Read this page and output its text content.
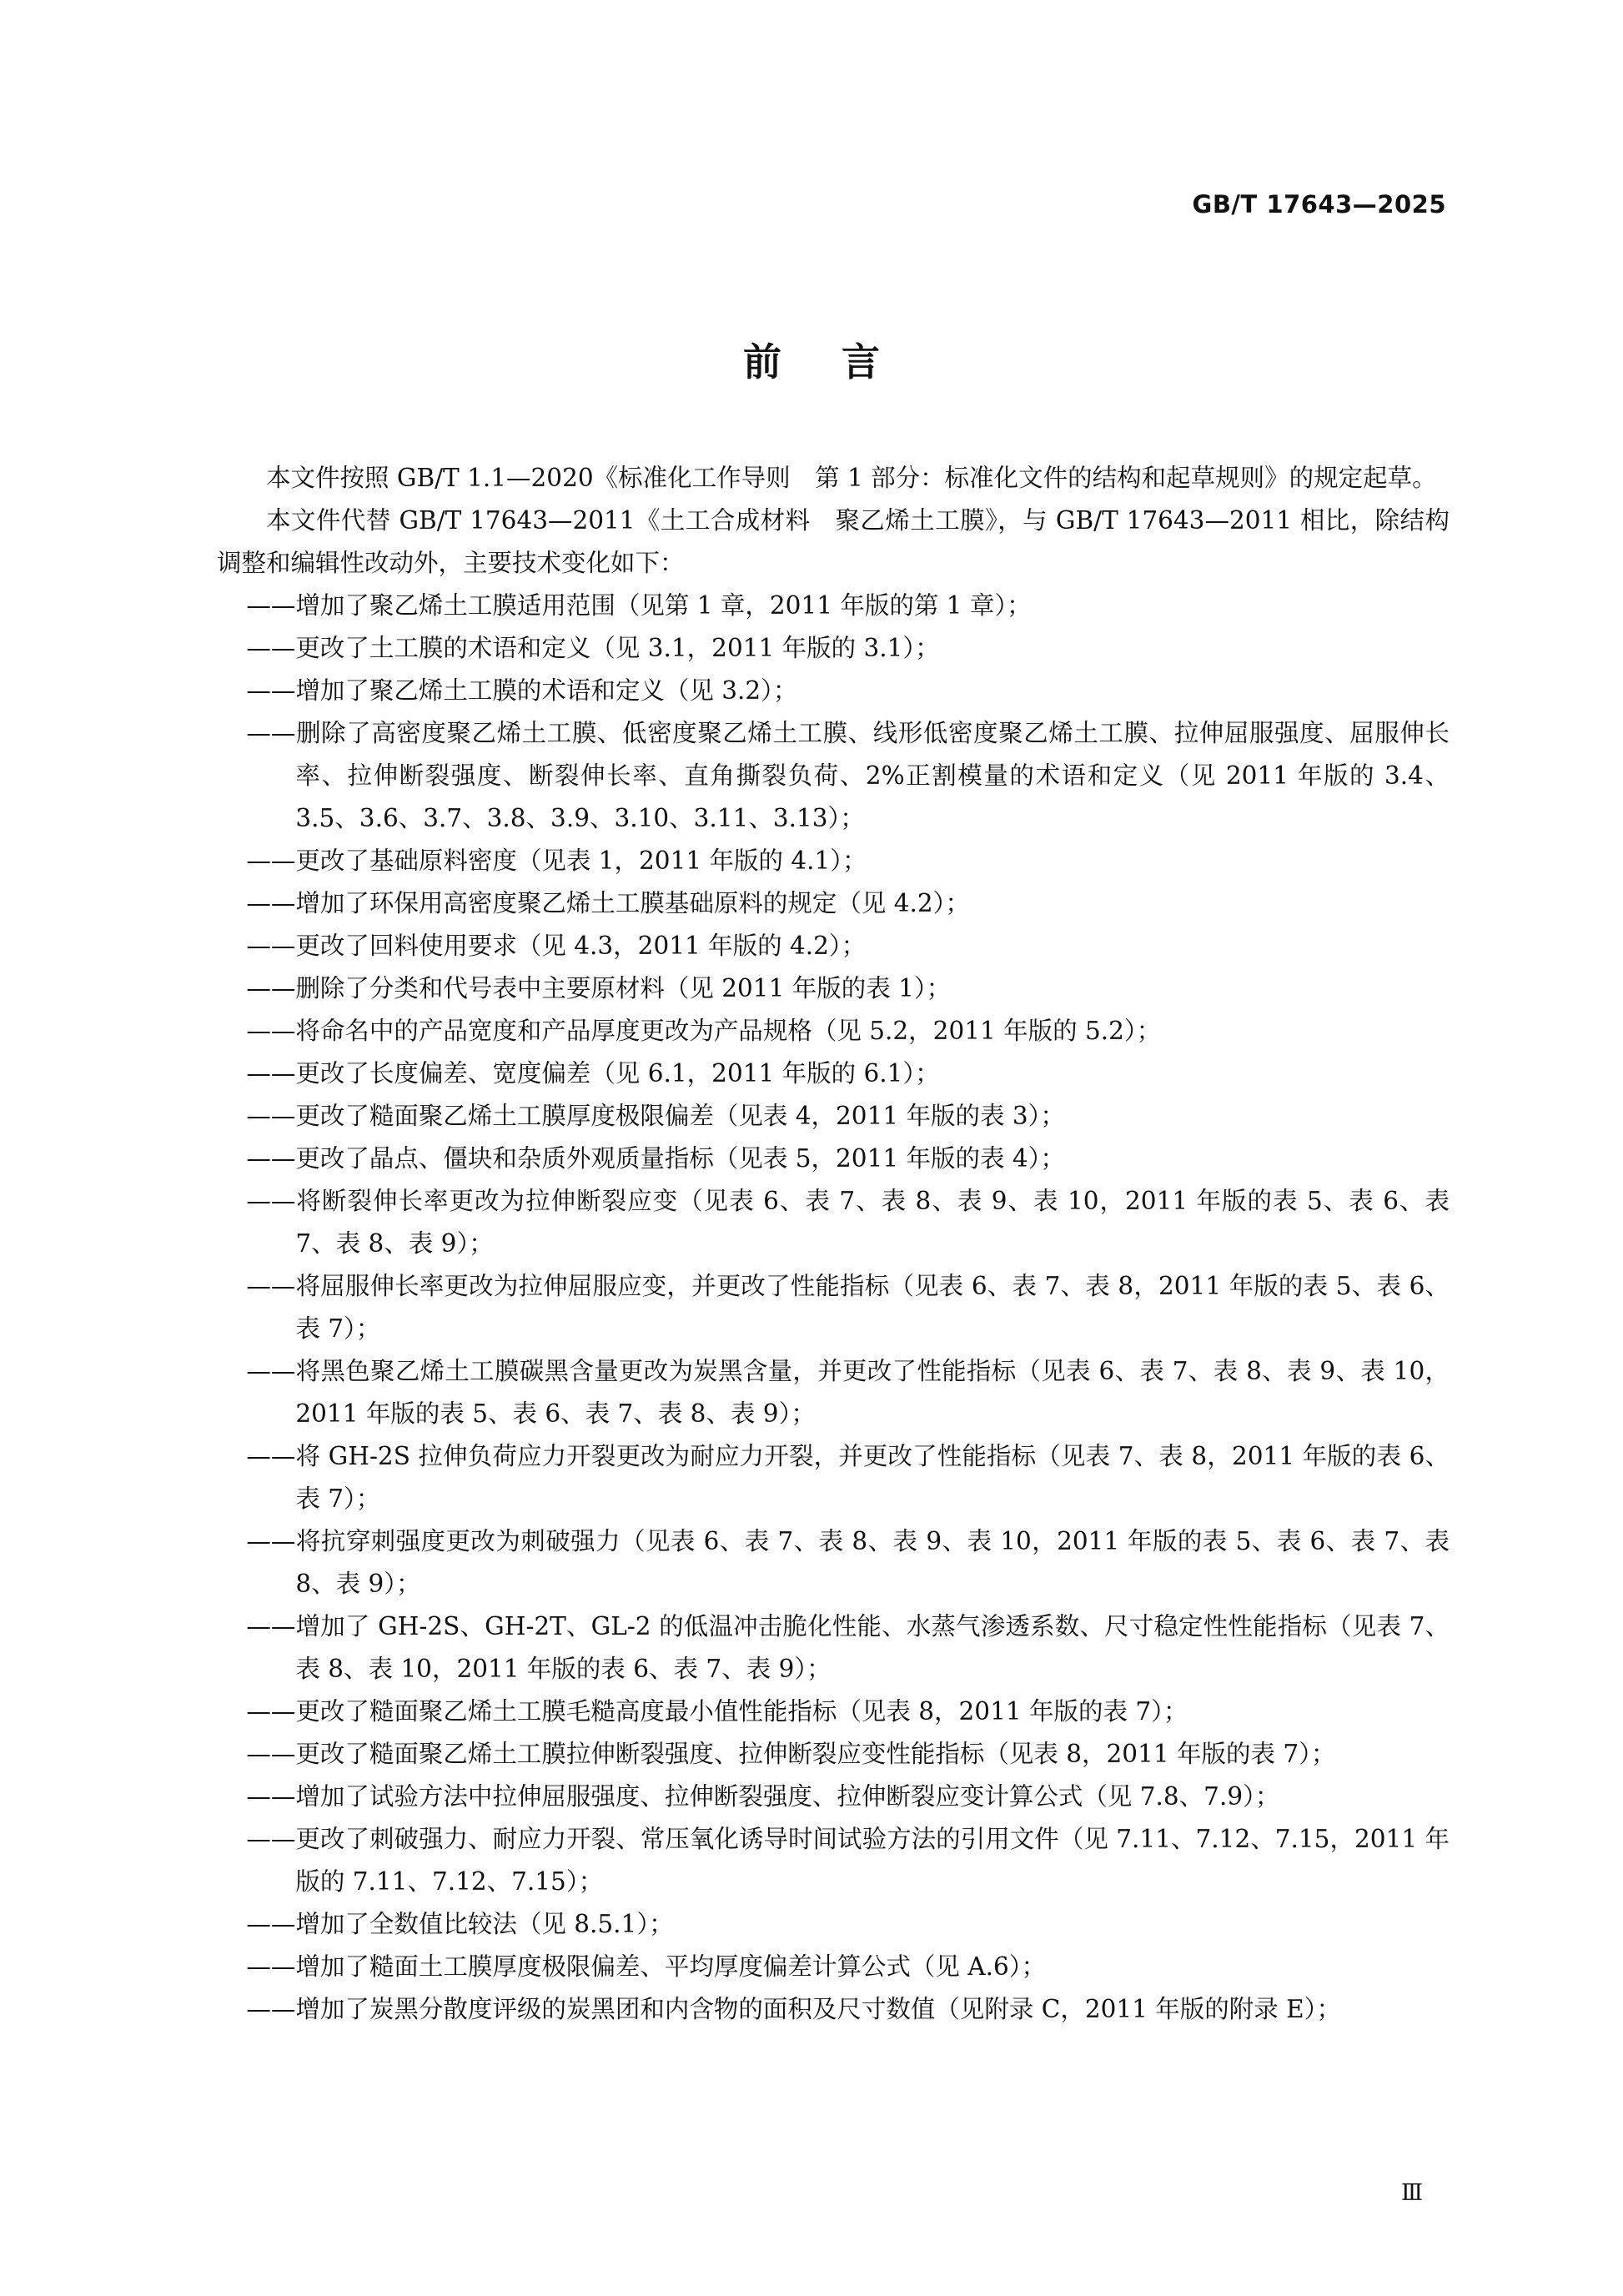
GB/T 17643—2025
前言

本文件按照 GB/T 1.1—2020《标准化工作导则　第 1 部分：标准化文件的结构和起草规则》的规定起草。

本文件代替 GB/T 17643—2011《土工合成材料　聚乙烯土工膜》，与 GB/T 17643—2011 相比，除结构调整和编辑性改动外，主要技术变化如下：

——增加了聚乙烯土工膜适用范围（见第 1 章，2011 年版的第 1 章）；

——更改了土工膜的术语和定义（见 3.1，2011 年版的 3.1）；

——增加了聚乙烯土工膜的术语和定义（见 3.2）；

——删除了高密度聚乙烯土工膜、低密度聚乙烯土工膜、线形低密度聚乙烯土工膜、拉伸屈服强度、屈服伸长率、拉伸断裂强度、断裂伸长率、直角撕裂负荷、2%正割模量的术语和定义（见 2011 年版的 3.4、3.5、3.6、3.7、3.8、3.9、3.10、3.11、3.13）；

——更改了基础原料密度（见表 1，2011 年版的 4.1）；

——增加了环保用高密度聚乙烯土工膜基础原料的规定（见 4.2）；

——更改了回料使用要求（见 4.3，2011 年版的 4.2）；

——删除了分类和代号表中主要原材料（见 2011 年版的表 1）；

——将命名中的产品宽度和产品厚度更改为产品规格（见 5.2，2011 年版的 5.2）；

——更改了长度偏差、宽度偏差（见 6.1，2011 年版的 6.1）；

——更改了糙面聚乙烯土工膜厚度极限偏差（见表 4，2011 年版的表 3）；

——更改了晶点、僵块和杂质外观质量指标（见表 5，2011 年版的表 4）；

——将断裂伸长率更改为拉伸断裂应变（见表 6、表 7、表 8、表 9、表 10，2011 年版的表 5、表 6、表 7、表 8、表 9）；

——将屈服伸长率更改为拉伸屈服应变，并更改了性能指标（见表 6、表 7、表 8，2011 年版的表 5、表 6、表 7）；

——将黑色聚乙烯土工膜碳黑含量更改为炭黑含量，并更改了性能指标（见表 6、表 7、表 8、表 9、表 10，2011 年版的表 5、表 6、表 7、表 8、表 9）；

——将 GH-2S 拉伸负荷应力开裂更改为耐应力开裂，并更改了性能指标（见表 7、表 8，2011 年版的表 6、表 7）；

——将抗穿刺强度更改为刺破强力（见表 6、表 7、表 8、表 9、表 10，2011 年版的表 5、表 6、表 7、表 8、表 9）；

——增加了 GH-2S、GH-2T、GL-2 的低温冲击脆化性能、水蒸气渗透系数、尺寸稳定性性能指标（见表 7、表 8、表 10，2011 年版的表 6、表 7、表 9）；

——更改了糙面聚乙烯土工膜毛糙高度最小值性能指标（见表 8，2011 年版的表 7）；

——更改了糙面聚乙烯土工膜拉伸断裂强度、拉伸断裂应变性能指标（见表 8，2011 年版的表 7）；

——增加了试验方法中拉伸屈服强度、拉伸断裂强度、拉伸断裂应变计算公式（见 7.8、7.9）；

——更改了刺破强力、耐应力开裂、常压氧化诱导时间试验方法的引用文件（见 7.11、7.12、7.15，2011 年版的 7.11、7.12、7.15）；

——增加了全数值比较法（见 8.5.1）；

——增加了糙面土工膜厚度极限偏差、平均厚度偏差计算公式（见 A.6）；

——增加了炭黑分散度评级的炭黑团和内含物的面积及尺寸数值（见附录 C，2011 年版的附录 E）；

Ⅲ
